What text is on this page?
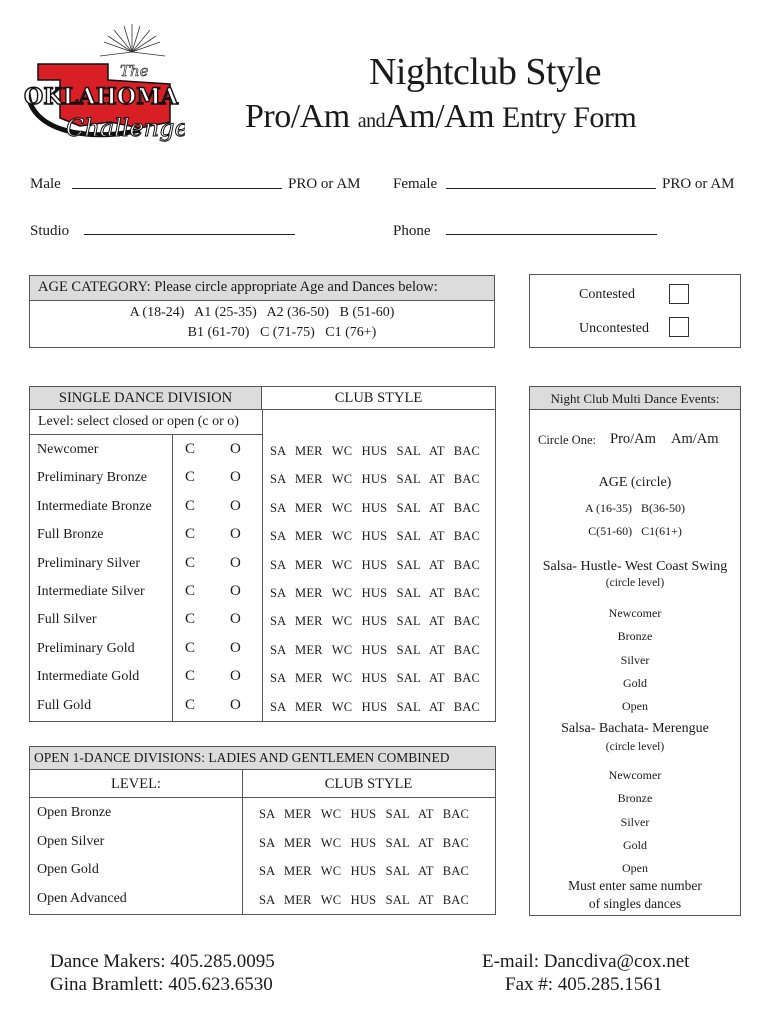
The
OKLAHOMA
Challenge
Nightclub Style
Pro/Am andAm/Am Entry Form
Male	PRO or AM Female	PRO or AM
Studio	Phone
AGE CATEGORY: Please circle appropriate Age and Dances below:
A (18-24)   A1 (25-35)   A2 (36-50)   B (51-60)
B1 (61-70)   C (71-75)   C1 (76+)
Contested
Uncontested
SINGLE DANCE DIVISION	CLUB STYLE
Level: select closed or open (c or o)
Newcomer	C O SA MER WC HUS SAL AT BAC
Preliminary Bronze	C O SA MER WC HUS SAL AT BAC
Intermediate Bronze C O SA MER WC HUS SAL AT BAC
Full Bronze	C O SA MER WC HUS SAL AT BAC
Preliminary Silver	C O SA MER WC HUS SAL AT BAC
Intermediate Silver	C O SA MER WC HUS SAL AT BAC
Full Silver	C O SA MER WC HUS SAL AT BAC
Preliminary Gold	C O SA MER WC HUS SAL AT BAC
Intermediate Gold	C O SA MER WC HUS SAL AT BAC
Full Gold	C O SA MER WC HUS SAL AT BAC
OPEN 1-DANCE DIVISIONS: LADIES AND GENTLEMEN COMBINED
LEVEL:	CLUB STYLE
Open Bronze	SA MER WC HUS SAL AT BAC
Open Silver	SA MER WC HUS SAL AT BAC
Open Gold	SA MER WC HUS SAL AT BAC
Open Advanced	SA MER WC HUS SAL AT BAC
Night Club Multi Dance Events:
Circle One: Pro/Am Am/Am
AGE (circle)
A (16-35)   B(36-50)
C(51-60)   C1(61+)
Salsa- Hustle- West Coast Swing
(circle level)
Newcomer
Bronze
Silver
Gold
Open
Salsa- Bachata- Merengue
(circle level)
Newcomer
Bronze
Silver
Gold
Open
Must enter same number
of singles dances
Dance Makers: 405.285.0095
Gina Bramlett: 405.623.6530
E-mail: Dancdiva@cox.net
Fax #: 405.285.1561
